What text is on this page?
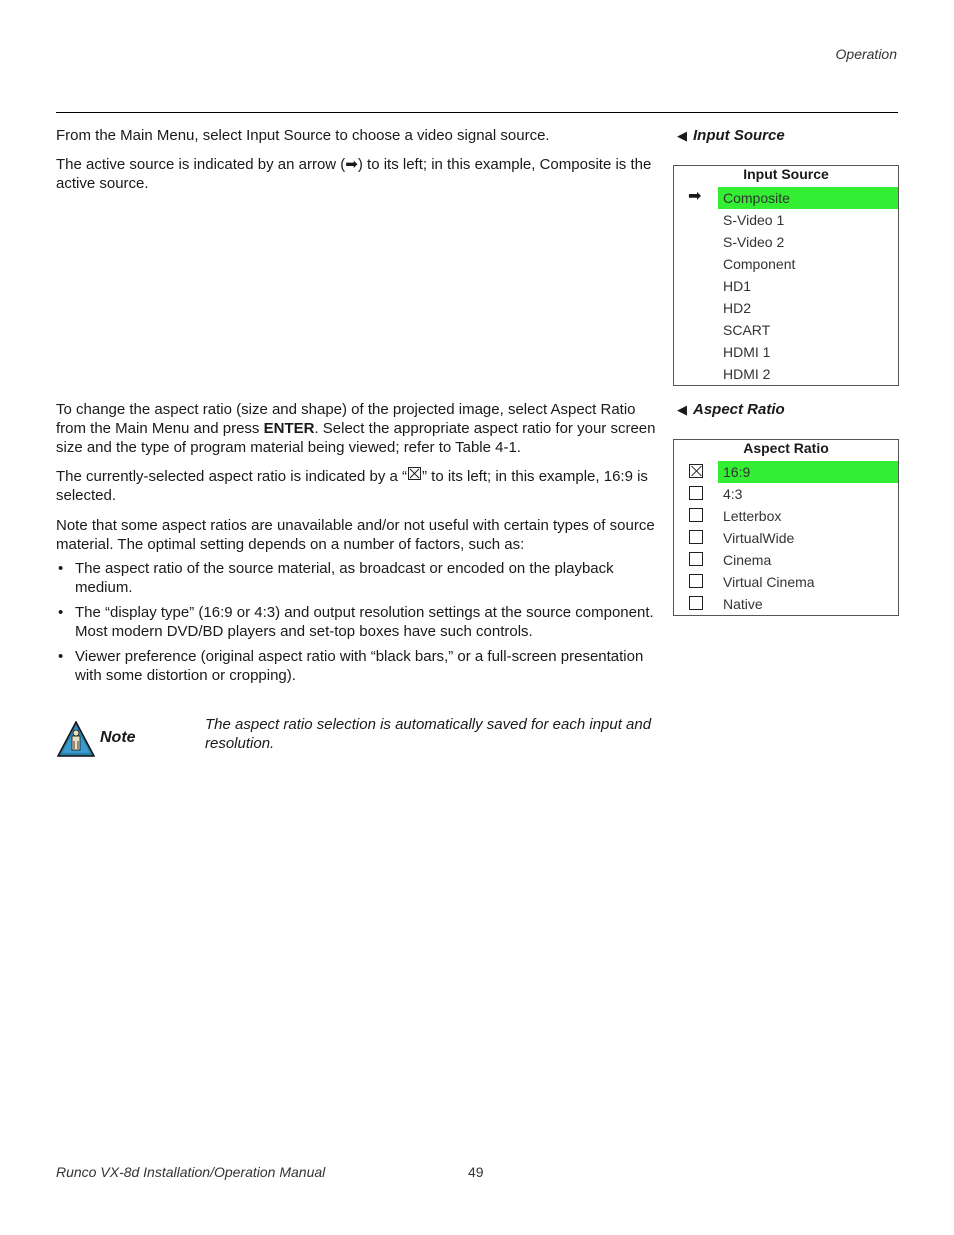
Operation

From the Main Menu, select Input Source to choose a video signal source.

The active source is indicated by an arrow (➡) to its left; in this example, Composite is the active source.

◀ Input Source
Input Source
➡	Composite
S-Video 1
S-Video 2
Component
HD1
HD2
SCART
HDMI 1
HDMI 2

To change the aspect ratio (size and shape) of the projected image, select Aspect Ratio from the Main Menu and press ENTER. Select the appropriate aspect ratio for your screen size and the type of program material being viewed; refer to Table 4-1.

The currently-selected aspect ratio is indicated by a “ ” to its left; in this example, 16:9 is selected.

Note that some aspect ratios are unavailable and/or not useful with certain types of source material. The optimal setting depends on a number of factors, such as:

• The aspect ratio of the source material, as broadcast or encoded on the playback medium.
• The “display type” (16:9 or 4:3) and output resolution settings at the source component. Most modern DVD/BD players and set-top boxes have such controls.
• Viewer preference (original aspect ratio with “black bars,” or a full-screen presentation with some distortion or cropping).
◀ Aspect Ratio
Aspect Ratio
16:9
4:3
Letterbox
VirtualWide
Cinema
Virtual Cinema
Native
Note
The aspect ratio selection is automatically saved for each input and resolution.
Runco VX-8d Installation/Operation Manual	49
